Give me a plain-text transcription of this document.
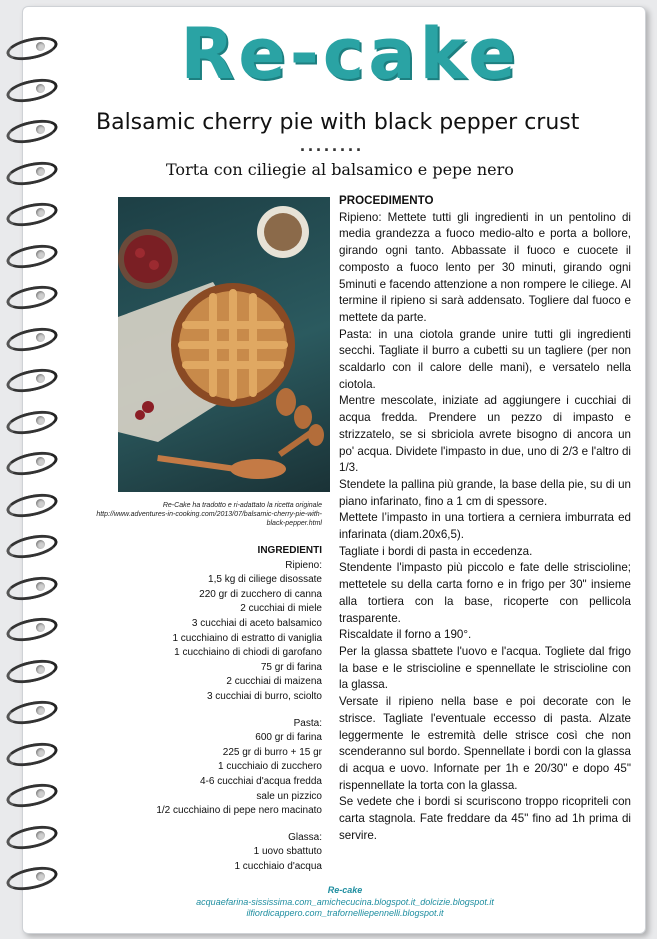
Re-cake
Balsamic cherry pie with black pepper crust
........
Torta con ciliegie al balsamico e pepe nero
Re-Cake ha tradotto e ri-adattato la ricetta originale http://www.adventures-in-cooking.com/2013/07/balsamic-cherry-pie-with-black-pepper.html
INGREDIENTI
Ripieno:
1,5 kg di ciliege disossate
220 gr di zucchero di canna
2 cucchiai di miele
3 cucchiai di aceto balsamico
1 cucchiaino di estratto di vaniglia
1 cucchiaino di chiodi di garofano
75 gr di farina
2 cucchiai di maizena
3 cucchiai di burro, sciolto
Pasta:
600 gr di farina
225 gr di burro + 15 gr
1 cucchiaio di zucchero
4-6 cucchiai d'acqua fredda
sale un pizzico
1/2 cucchiaino di pepe nero macinato
Glassa:
1 uovo sbattuto
1 cucchiaio d'acqua
PROCEDIMENTO

Ripieno: Mettete tutti gli ingredienti in un pentolino di media grandezza a fuoco medio-alto e porta a bollore, girando ogni tanto. Abbassate il fuoco e cuocete il composto a fuoco lento per 30 minuti, girando ogni 5minuti e facendo attenzione a non rompere le ciliege. Al termine il ripieno si sarà addensato. Togliere dal fuoco e mettete da parte.

Pasta: in una ciotola grande unire tutti gli ingredienti secchi. Tagliate il burro a cubetti su un tagliere (per non scaldarlo con il calore delle mani), e versatelo nella ciotola.

Mentre mescolate, iniziate ad aggiungere i cucchiai di acqua fredda. Prendere un pezzo di impasto e strizzatelo, se si sbriciola avrete bisogno di ancora un po' acqua. Dividete l'impasto in due, uno di 2/3 e l'altro di 1/3.

Stendete la pallina più grande, la base della pie, su di un piano infarinato, fino a 1 cm di spessore.

Mettete l’impasto in una tortiera a cerniera imburrata ed infarinata (diam.20x6,5).

Tagliate i bordi di pasta in eccedenza.

Stendente l'impasto più piccolo e fate delle striscioline; mettetele su della carta forno e in frigo per 30" insieme alla tortiera con la base, ricoperte con pellicola trasparente.

Riscaldate il forno a 190°.

Per la glassa sbattete l'uovo e l'acqua. Togliete dal frigo la base e le striscioline e spennellate le striscioline con la glassa.

Versate il ripieno nella base e poi decorate con le strisce. Tagliate l'eventuale eccesso di pasta. Alzate leggermente le estremità delle strisce così che non scenderanno sul bordo. Spennellate i bordi con la glassa di acqua e uovo. Infornate per 1h e 20/30" e dopo 45" rispennellate la torta con la glassa.

Se vedete che i bordi si scuriscono troppo ricopriteli con carta stagnola. Fate freddare da 45" fino ad 1h prima di servire.

Re-cake
acquaefarina-sississima.com_amichecucina.blogspot.it_dolcizie.blogspot.it
ilfiordicappero.com_trafornelliepennelli.blogspot.it
